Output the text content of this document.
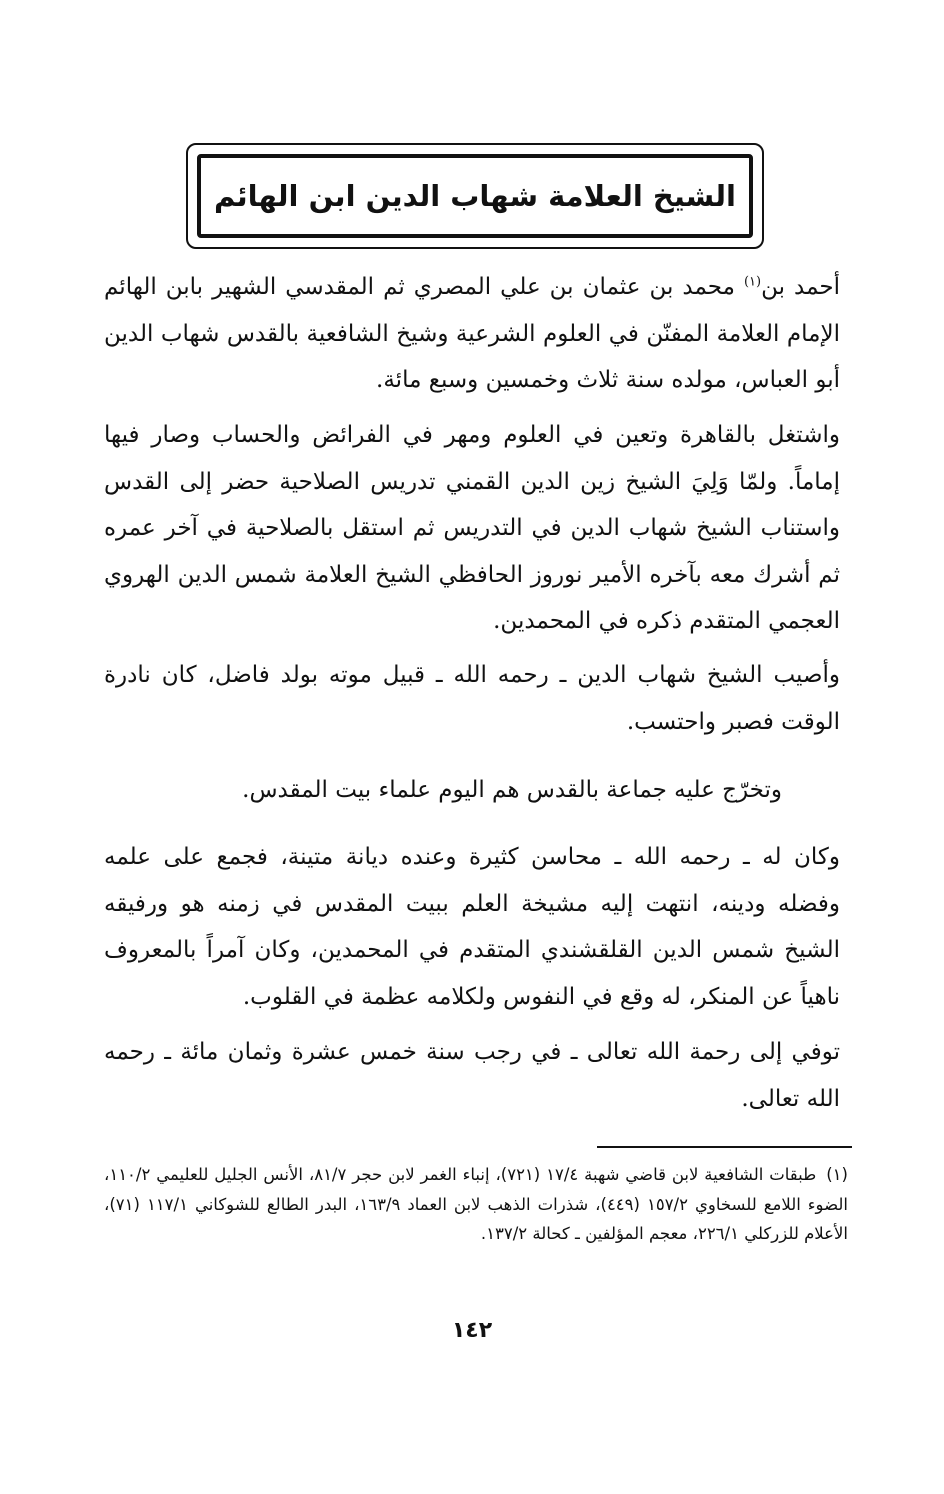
الشيخ العلامة شهاب الدين ابن الهائم

أحمد بن$^{(١)}$ محمد بن عثمان بن علي المصري ثم المقدسي الشهير بابن الهائم الإمام العلامة المفنّن في العلوم الشرعية وشيخ الشافعية بالقدس شهاب الدين أبو العباس، مولده سنة ثلاث وخمسين وسبع مائة.

واشتغل بالقاهرة وتعين في العلوم ومهر في الفرائض والحساب وصار فيها إماماً. ولمّا وَلِيَ الشيخ زين الدين القمني تدريس الصلاحية حضر إلى القدس واستناب الشيخ شهاب الدين في التدريس ثم استقل بالصلاحية في آخر عمره ثم أشرك معه بآخره الأمير نوروز الحافظي الشيخ العلامة شمس الدين الهروي العجمي المتقدم ذكره في المحمدين.

وأصيب الشيخ شهاب الدين ـ رحمه الله ـ قبيل موته بولد فاضل، كان نادرة الوقت فصبر واحتسب.

وتخرّج عليه جماعة بالقدس هم اليوم علماء بيت المقدس.

وكان له ـ رحمه الله ـ محاسن كثيرة وعنده ديانة متينة، فجمع على علمه وفضله ودينه، انتهت إليه مشيخة العلم ببيت المقدس في زمنه هو ورفيقه الشيخ شمس الدين القلقشندي المتقدم في المحمدين، وكان آمراً بالمعروف ناهياً عن المنكر، له وقع في النفوس ولكلامه عظمة في القلوب.

توفي إلى رحمة الله تعالى ـ في رجب سنة خمس عشرة وثمان مائة ـ رحمه الله تعالى.

(١)طبقات الشافعية لابن قاضي شهبة ١٧/٤ (٧٢١)، إنباء الغمر لابن حجر ٨١/٧، الأنس الجليل للعليمي ١١٠/٢، الضوء اللامع للسخاوي ١٥٧/٢ (٤٤٩)، شذرات الذهب لابن العماد ١٦٣/٩، البدر الطالع للشوكاني ١١٧/١ (٧١)، الأعلام للزركلي ٢٢٦/١، معجم المؤلفين ـ كحالة ١٣٧/٢.
١٤٢
